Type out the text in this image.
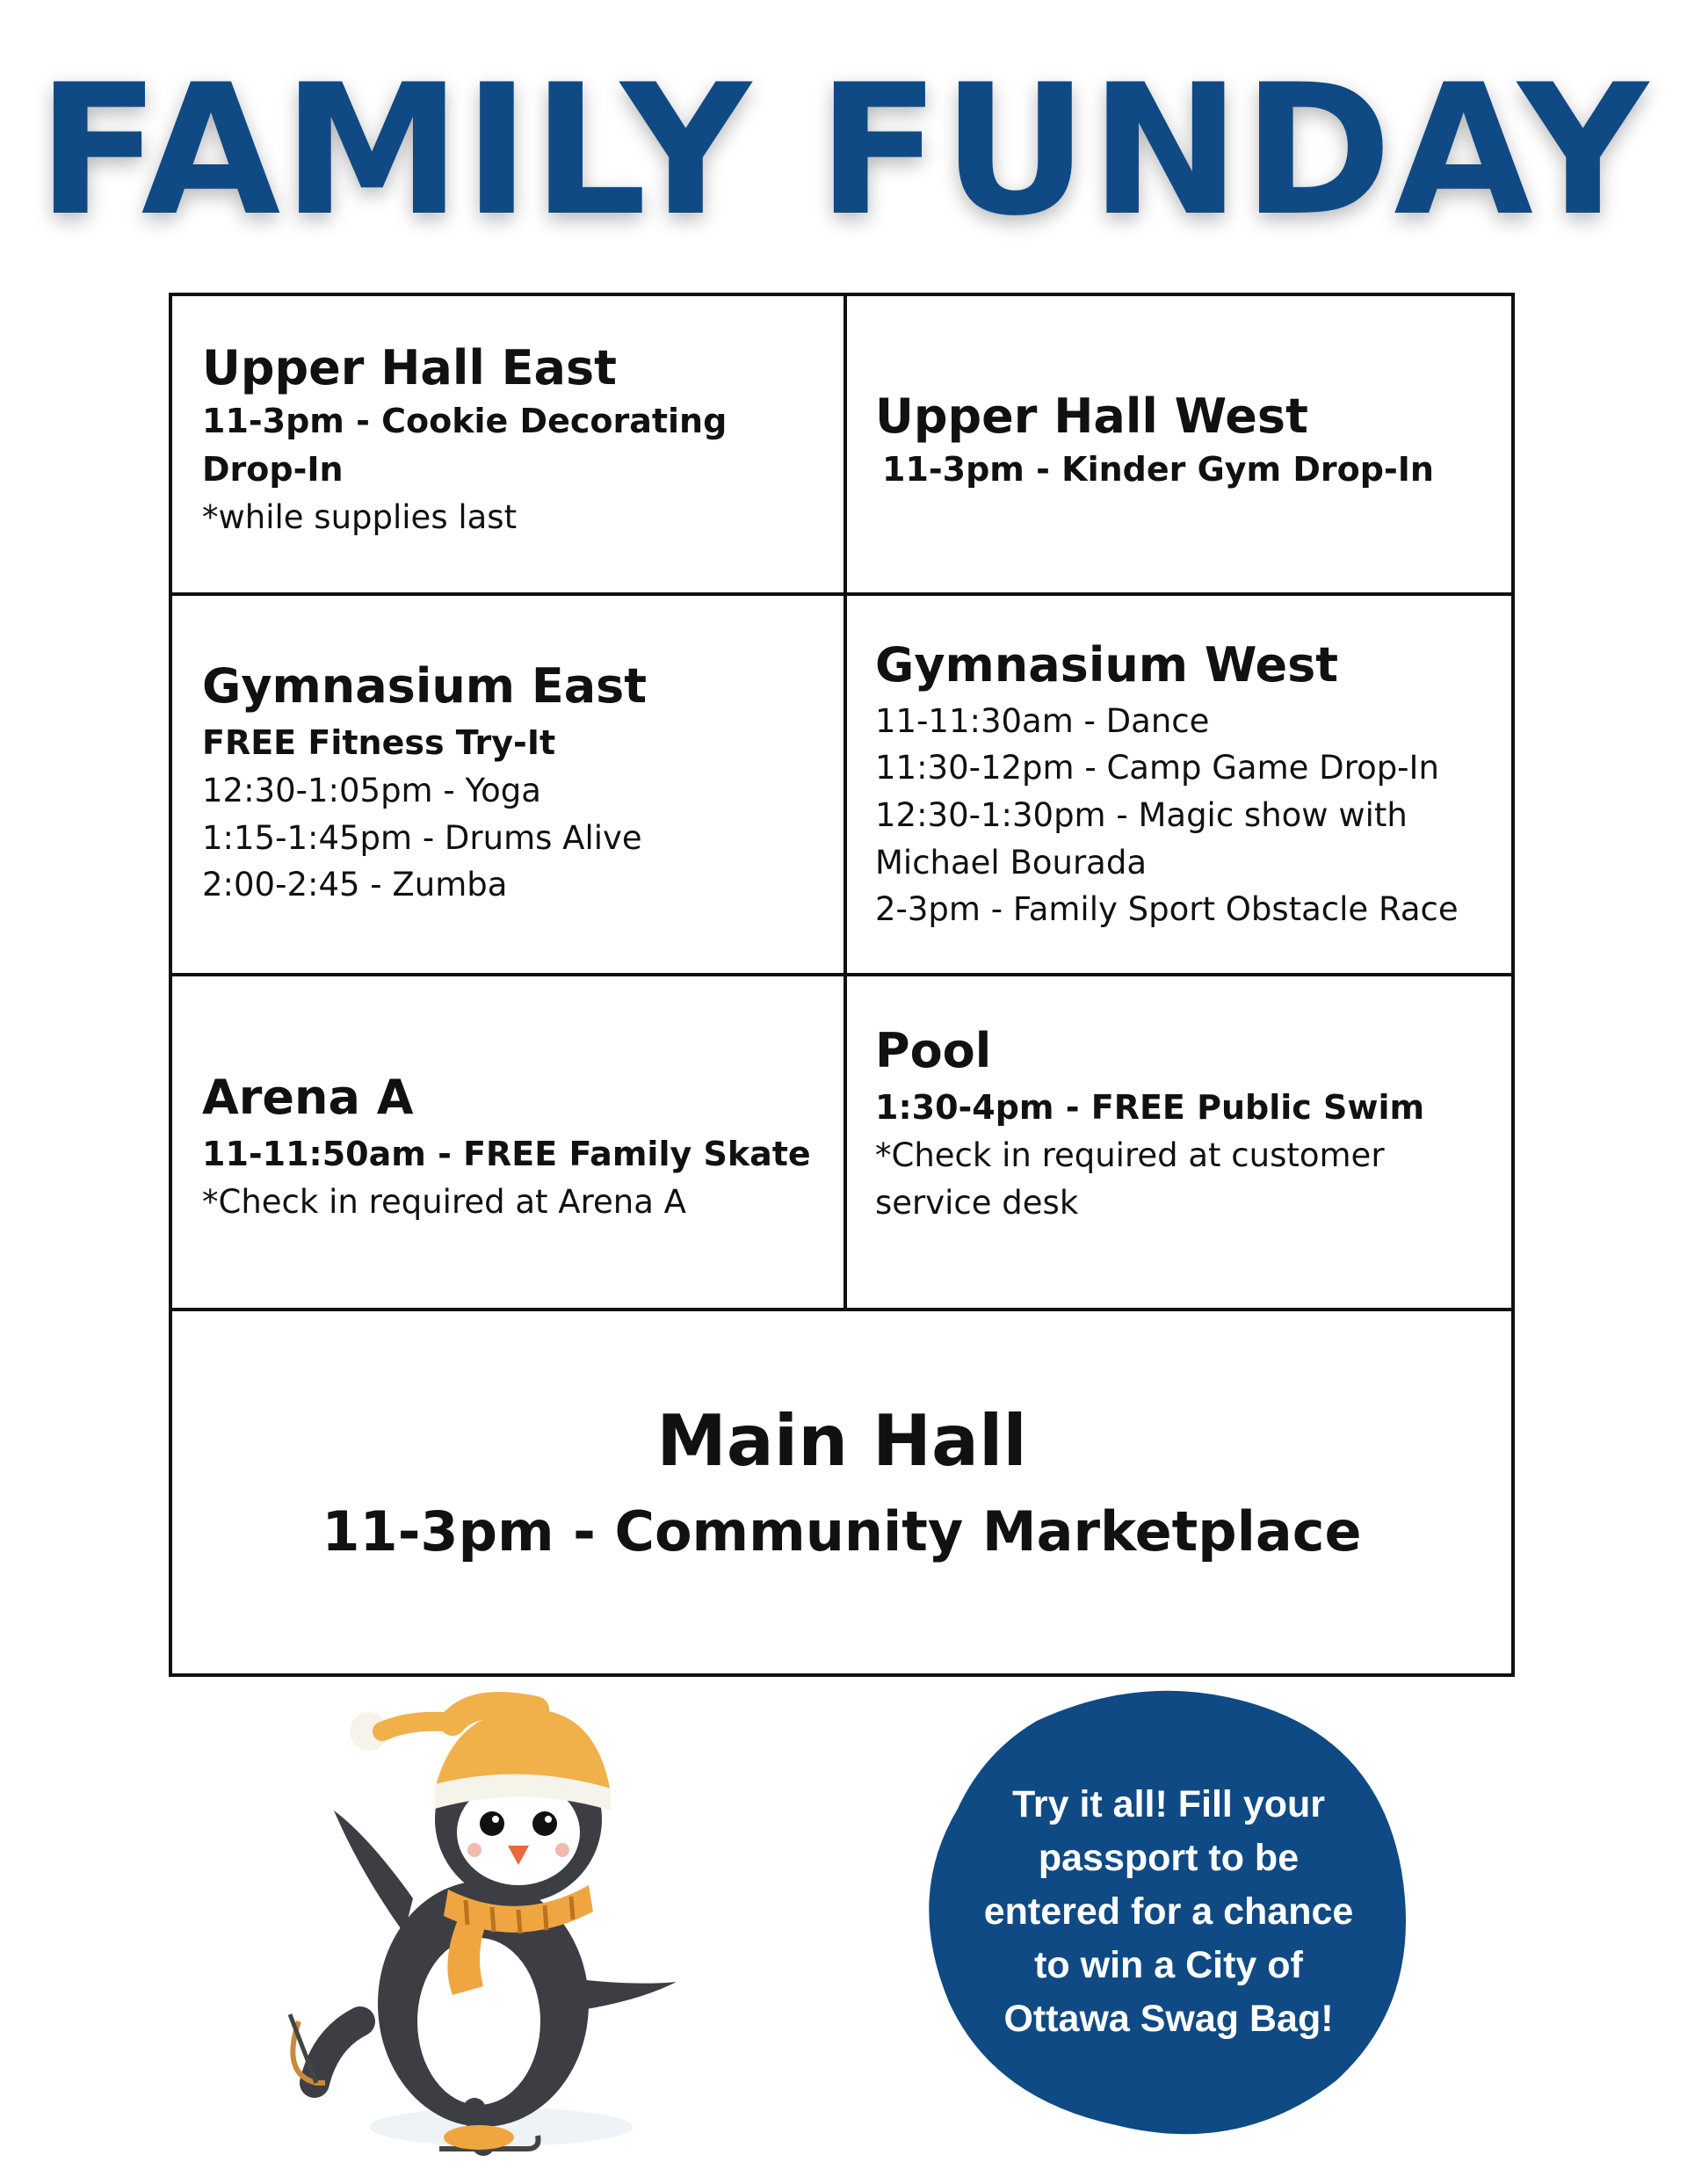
FAMILY FUNDAY
Upper Hall East
11-3pm - Cookie Decorating
Drop-In
*while supplies last
Upper Hall West
11-3pm - Kinder Gym Drop-In
Gymnasium East
FREE Fitness Try-It
12:30-1:05pm - Yoga
1:15-1:45pm - Drums Alive
2:00-2:45 - Zumba
Gymnasium West
11-11:30am - Dance
11:30-12pm - Camp Game Drop-In
12:30-1:30pm - Magic show with
Michael Bourada
2-3pm - Family Sport Obstacle Race
Arena A
11-11:50am - FREE Family Skate
*Check in required at Arena A
Pool
1:30-4pm - FREE Public Swim
*Check in required at customer
service desk
Main Hall
11-3pm - Community Marketplace
Try it all! Fill your
passport to be
entered for a chance
to win a City of
Ottawa Swag Bag!
